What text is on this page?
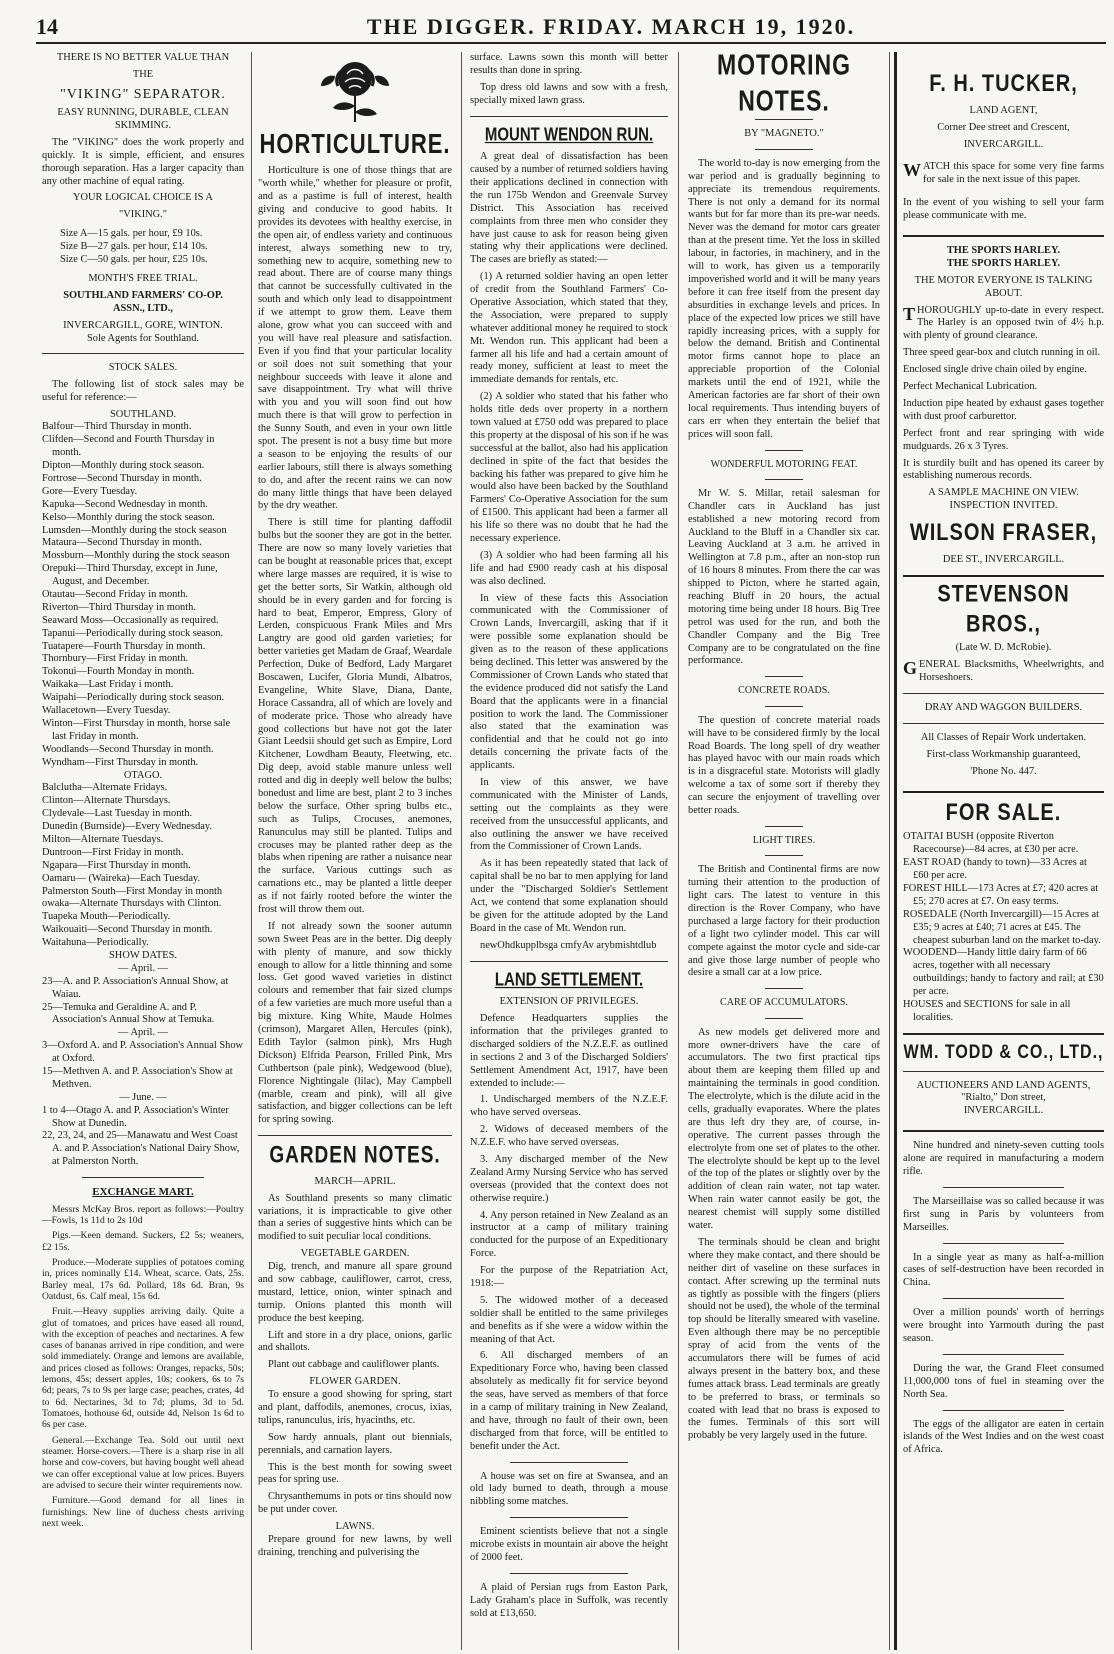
14	THE DIGGER. FRIDAY. MARCH 19, 1920.

THERE IS NO BETTER VALUE THAN

THE

"VIKING" SEPARATOR.

EASY RUNNING, DURABLE, CLEAN SKIMMING.

The "VIKING" does the work properly and quickly. It is simple, efficient, and ensures thorough separation. Has a larger capacity than any other machine of equal rating.

YOUR LOGICAL CHOICE IS A

"VIKING."

Size A—15 gals. per hour, £9 10s.

Size B—27 gals. per hour, £14 10s.

Size C—50 gals. per hour, £25 10s.

MONTH'S FREE TRIAL.

SOUTHLAND FARMERS' CO-OP.

ASSN., LTD.,

INVERCARGILL, GORE, WINTON.

Sole Agents for Southland.

STOCK SALES.

The following list of stock sales may be useful for reference:—

SOUTHLAND.

Balfour—Third Thursday in month.

Clifden—Second and Fourth Thursday in month.

Dipton—Monthly during stock season.

Fortrose—Second Thursday in month.

Gore—Every Tuesday.

Kapuka—Second Wednesday in month.

Kelso—Monthly during the stock season.

Lumsden—Monthly during the stock season

Mataura—Second Thursday in month.

Mossburn—Monthly during the stock season

Orepuki—Third Thursday, except in June, August, and December.

Otautau—Second Friday in month.

Riverton—Third Thursday in month.

Seaward Moss—Occasionally as required.

Tapanui—Periodically during stock season.

Tuatapere—Fourth Thursday in month.

Thornbury—First Friday in month.

Tokonui—Fourth Monday in month.

Waikaka—Last Friday i month.

Waipahi—Periodically during stock season.

Wallacetown—Every Tuesday.

Winton—First Thursday in month, horse sale last Friday in month.

Woodlands—Second Thursday in month.

Wyndham—First Thursday in month.

OTAGO.

Balclutha—Alternate Fridays.

Clinton—Alternate Thursdays.

Clydevale—Last Tuesday in month.

Dunedin (Burnside)—Every Wednesday.

Milton—Alternate Tuesdays.

Duntroon—First Friday in month.

Ngapara—First Thursday in month.

Oamaru— (Waireka)—Each Tuesday.

Palmerston South—First Monday in month

owaka—Alternate Thursdays with Clinton.

Tuapeka Mouth—Periodically.

Waikouaiti—Second Thursday in month.

Waitahuna—Periodically.

SHOW DATES.

— April. —

23—A. and P. Association's Annual Show, at Waiau.

25—Temuka and Geraldine A. and P. Association's Annual Show at Temuka.

— April. —

3—Oxford A. and P. Association's Annual Show at Oxford.

15—Methven A. and P. Association's Show at Methven.

— June. —

1 to 4—Otago A. and P. Association's Winter Show at Dunedin.

22, 23, 24, and 25—Manawatu and West Coast A. and P. Association's National Dairy Show, at Palmerston North.

EXCHANGE MART.

Messrs McKay Bros. report as follows:—Poultry—Fowls, 1s 11d to 2s 10d

Pigs.—Keen demand. Suckers, £2 5s; weaners, £2 15s.

Produce.—Moderate supplies of potatoes coming in, prices nominally £14. Wheat, scarce. Oats, 25s. Barley meal, 17s 6d. Pollard, 18s 6d. Bran, 9s Oatdust, 6s. Calf meal, 15s 6d.

Fruit.—Heavy supplies arriving daily. Quite a glut of tomatoes, and prices have eased all round, with the exception of peaches and nectarines. A few cases of bananas arrived in ripe condition, and were sold immediately. Orange and lemons are available, and prices closed as follows: Oranges, repacks, 50s; lemons, 45s; dessert apples, 10s; cookers, 6s to 7s 6d; pears, 7s to 9s per large case; peaches, crates, 4d to 6d. Nectarines, 3d to 7d; plums, 3d to 5d. Tomatoes, hothouse 6d, outside 4d, Nelson 1s 6d to 6s per case.

General.—Exchange Tea. Sold out until next steamer. Horse-covers.—There is a sharp rise in all horse and cow-covers, but having bought well ahead we can offer exceptional value at low prices. Buyers are advised to secure their winter requirements now.

Furniture.—Good demand for all lines in furnishings. New line of duchess chests arriving next week.

HORTICULTURE.

Horticulture is one of those things that are "worth while," whether for pleasure or profit, and as a pastime is full of interest, health giving and conducive to good habits. It provides its devotees with healthy exercise, in the open air, of endless variety and continuous interest, always something new to try, something new to acquire, something new to read about. There are of course many things that cannot be successfully cultivated in the south and which only lead to disappointment if we attempt to grow them. Leave them alone, grow what you can succeed with and you will have real pleasure and satisfaction. Even if you find that your particular locality or soil does not suit something that your neighbour succeeds with leave it alone and save disappointment. Try what will thrive with you and you will soon find out how much there is that will grow to perfection in the Sunny South, and even in your own little spot. The present is not a busy time but more a season to be enjoying the results of our earlier labours, still there is always something to do, and after the recent rains we can now do many little things that have been delayed by the dry weather.

There is still time for planting daffodil bulbs but the sooner they are got in the better. There are now so many lovely varieties that can be bought at reasonable prices that, except where large masses are required, it is wise to get the better sorts, Sir Watkin, although old should be in every garden and for forcing is hard to beat, Emperor, Empress, Glory of Lerden, conspicuous Frank Miles and Mrs Langtry are good old garden varieties; for better varieties get Madam de Graaf, Weardale Perfection, Duke of Bedford, Lady Margaret Boscawen, Lucifer, Gloria Mundi, Albatros, Evangeline, White Slave, Diana, Dante, Horace Cassandra, all of which are lovely and of moderate price. Those who already have good collections but have not got the later Giant Leedsii should get such as Empire, Lord Kitchener, Lowdham Beauty, Fleetwing, etc. Dig deep, avoid stable manure unless well rotted and dig in deeply well below the bulbs; bonedust and lime are best, plant 2 to 3 inches below the surface. Other spring bulbs etc., such as Tulips, Crocuses, anemones, Ranunculus may still be planted. Tulips and crocuses may be planted rather deep as the blabs when ripening are rather a nuisance near the surface. Various cuttings such as carnations etc., may be planted a little deeper as if not fairly rooted before the winter the frost will throw them out.

If not already sown the sooner autumn sown Sweet Peas are in the better. Dig deeply with plenty of manure, and sow thickly enough to allow for a little thinning and some loss. Get good waved varieties in distinct colours and remember that fair sized clumps of a few varieties are much more useful than a big mixture. King White, Maude Holmes (crimson), Margaret Allen, Hercules (pink), Edith Taylor (salmon pink), Mrs Hugh Dickson) Elfrida Pearson, Frilled Pink, Mrs Cuthbertson (pale pink), Wedgewood (blue), Florence Nightingale (lilac), May Campbell (marble, cream and pink), will all give satisfaction, and bigger collections can be left for spring sowing.

GARDEN NOTES.

MARCH—APRIL.

As Southland presents so many climatic variations, it is impracticable to give other than a series of suggestive hints which can be modified to suit peculiar local conditions.

VEGETABLE GARDEN.

Dig, trench, and manure all spare ground and sow cabbage, cauliflower, carrot, cress, mustard, lettice, onion, winter spinach and turnip. Onions planted this month will produce the best keeping.

Lift and store in a dry place, onions, garlic and shallots.

Plant out cabbage and cauliflower plants.

FLOWER GARDEN.

To ensure a good showing for spring, start and plant, daffodils, anemones, crocus, ixias, tulips, ranunculus, iris, hyacinths, etc.

Sow hardy annuals, plant out biennials, perennials, and carnation layers.

This is the best month for sowing sweet peas for spring use.

Chrysanthemums in pots or tins should now be put under cover.

LAWNS.

Prepare ground for new lawns, by well draining, trenching and pulverising the

surface. Lawns sown this month will better results than done in spring.

Top dress old lawns and sow with a fresh, specially mixed lawn grass.

MOUNT WENDON RUN.

A great deal of dissatisfaction has been caused by a number of returned soldiers having their applications declined in connection with the run 175b Wendon and Greenvale Survey District. This Association has received complaints from three men who consider they have just cause to ask for reason being given stating why their applications were declined. The cases are briefly as stated:—

(1) A returned soldier having an open letter of credit from the Southland Farmers' Co-Operative Association, which stated that they, the Association, were prepared to supply whatever additional money he required to stock Mt. Wendon run. This applicant had been a farmer all his life and had a certain amount of ready money, sufficient at least to meet the immediate demands for rentals, etc.

(2) A soldier who stated that his father who holds title deds over property in a northern town valued at £750 odd was prepared to place this property at the disposal of his son if he was successful at the ballot, also had his application declined in spite of the fact that besides the backing his father was prepared to give him he would also have been backed by the Southland Farmers' Co-Operative Association for the sum of £1500. This applicant had been a farmer all his life so there was no doubt that he had the necessary experience.

(3) A soldier who had been farming all his life and had £900 ready cash at his disposal was also declined.

In view of these facts this Association communicated with the Commissioner of Crown Lands, Invercargill, asking that if it were possible some explanation should be given as to the reason of these applications being declined. This letter was answered by the Commissioner of Crown Lands who stated that the evidence produced did not satisfy the Land Board that the applicants were in a financial position to work the land. The Commissioner also stated that the examination was confidential and that he could not go into details concerning the private facts of the applicants.

In view of this answer, we have communicated with the Minister of Lands, setting out the complaints as they were received from the unsuccessful applicants, and also outlining the answer we have received from the Commissioner of Crown Lands.

As it has been repeatedly stated that lack of capital shall be no bar to men applying for land under the "Discharged Soldier's Settlement Act, we contend that some explanation should be given for the attitude adopted by the Land Board in the case of Mt. Wendon run.

newOhdkupplbsga cmfyAv arybmishtdlub

LAND SETTLEMENT.

EXTENSION OF PRIVILEGES.

Defence Headquarters supplies the information that the privileges granted to discharged soldiers of the N.Z.E.F. as outlined in sections 2 and 3 of the Discharged Soldiers' Settlement Amendment Act, 1917, have been extended to include:—

1. Undischarged members of the N.Z.E.F. who have served overseas.

2. Widows of deceased members of the N.Z.E.F. who have served overseas.

3. Any discharged member of the New Zealand Army Nursing Service who has served overseas (provided that the context does not otherwise require.)

4. Any person retained in New Zealand as an instructor at a camp of military training conducted for the purpose of an Expeditionary Force.

For the purpose of the Repatriation Act, 1918:—

5. The widowed mother of a deceased soldier shall be entitled to the same privileges and benefits as if she were a widow within the meaning of that Act.

6. All discharged members of an Expeditionary Force who, having been classed absolutely as medically fit for service beyond the seas, have served as members of that force in a camp of military training in New Zealand, and have, through no fault of their own, been discharged from that force, will be entitled to benefit under the Act.

A house was set on fire at Swansea, and an old lady burned to death, through a mouse nibbling some matches.

Eminent scientists believe that not a single microbe exists in mountain air above the height of 2000 feet.

A plaid of Persian rugs from Easton Park, Lady Graham's place in Suffolk, was recently sold at £13,650.

MOTORING NOTES.

BY "MAGNETO."

The world to-day is now emerging from the war period and is gradually beginning to appreciate its tremendous requirements. There is not only a demand for its normal wants but for far more than its pre-war needs. Never was the demand for motor cars greater than at the present time. Yet the loss in skilled labour, in factories, in machinery, and in the will to work, has given us a temporarily impoverished world and it will be many years before it can free itself from the present day absurdities in exchange levels and prices. In place of the expected low prices we still have rapidly increasing prices, with a supply for below the demand. British and Continental motor firms cannot hope to place an appreciable proportion of the Colonial markets until the end of 1921, while the American factories are far short of their own local requirements. Thus intending buyers of cars err when they entertain the belief that prices will soon fall.

WONDERFUL MOTORING FEAT.

Mr W. S. Millar, retail salesman for Chandler cars in Auckland has just established a new motoring record from Auckland to the Bluff in a Chandler six car. Leaving Auckland at 3 a.m. he arrived in Wellington at 7.8 p.m., after an non-stop run of 16 hours 8 minutes. From there the car was shipped to Picton, where he started again, reaching Bluff in 20 hours, the actual motoring time being under 18 hours. Big Tree petrol was used for the run, and both the Chandler Company and the Big Tree Company are to be congratulated on the fine performance.

CONCRETE ROADS.

The question of concrete material roads will have to be considered firmly by the local Road Boards. The long spell of dry weather has played havoc with our main roads which is in a disgraceful state. Motorists will gladly welcome a tax of some sort if thereby they can secure the enjoyment of travelling over better roads.

LIGHT TIRES.

The British and Continental firms are now turning their attention to the production of light cars. The latest to venture in this direction is the Rover Company, who have purchased a large factory for their production of a light two cylinder model. This car will compete against the motor cycle and side-car and give those large number of people who desire a small car at a low price.

CARE OF ACCUMULATORS.

As new models get delivered more and more owner-drivers have the care of accumulators. The two first practical tips about them are keeping them filled up and maintaining the terminals in good condition. The electrolyte, which is the dilute acid in the cells, gradually evaporates. Where the plates are thus left dry they are, of course, in-operative. The current passes through the electrolyte from one set of plates to the other. The electrolyte should be kept up to the level of the top of the plates or slightly over by the addition of clean rain water, not tap water. When rain water cannot easily be got, the nearest chemist will supply some distilled water.

The terminals should be clean and bright where they make contact, and there should be neither dirt of vaseline on these surfaces in contact. After screwing up the terminal nuts as tightly as possible with the fingers (pliers should not be used), the whole of the terminal top should be literally smeared with vaseline. Even although there may be no perceptible spray of acid from the vents of the accumulators there will be fumes of acid always present in the battery box, and these fumes attack brass. Lead terminals are greatly to be preferred to brass, or terminals so coated with lead that no brass is exposed to the fumes. Terminals of this sort will probably be very largely used in the future.

F. H. TUCKER,

LAND AGENT,

Corner Dee street and Crescent,

INVERCARGILL.

WATCH this space for some very fine farms for sale in the next issue of this paper.

In the event of you wishing to sell your farm please communicate with me.

THE SPORTS HARLEY.

THE SPORTS HARLEY.

THE MOTOR EVERYONE IS TALKING ABOUT.

THOROUGHLY up-to-date in every respect. The Harley is an opposed twin of 4½ h.p. with plenty of ground clearance.

Three speed gear-box and clutch running in oil.

Enclosed single drive chain oiled by engine.

Perfect Mechanical Lubrication.

Induction pipe heated by exhaust gases together with dust proof carburettor.

Perfect front and rear springing with wide mudguards. 26 x 3 Tyres.

It is sturdily built and has opened its career by establishing numerous records.

A SAMPLE MACHINE ON VIEW. INSPECTION INVITED.

WILSON FRASER,

DEE ST., INVERCARGILL.

STEVENSON BROS.,

(Late W. D. McRobie).

GENERAL Blacksmiths, Wheelwrights, and Horseshoers.

DRAY AND WAGGON BUILDERS.

All Classes of Repair Work undertaken.

First-class Workmanship guaranteed,

'Phone No. 447.

FOR SALE.

OTAITAI BUSH (opposite Riverton Racecourse)—84 acres, at £30 per acre.

EAST ROAD (handy to town)—33 Acres at £60 per acre.

FOREST HILL—173 Acres at £7; 420 acres at £5; 270 acres at £7. On easy terms.

ROSEDALE (North Invercargill)—15 Acres at £35; 9 acres at £40; 71 acres at £45. The cheapest suburban land on the market to-day.

WOODEND—Handy little dairy farm of 66 acres, together with all necessary outbuildings; handy to factory and rail; at £30 per acre.

HOUSES and SECTIONS for sale in all localities.

WM. TODD & CO., LTD.,

AUCTIONEERS AND LAND AGENTS,

"Rialto," Don street,

INVERCARGILL.

Nine hundred and ninety-seven cutting tools alone are required in manufacturing a modern rifle.

The Marseillaise was so called because it was first sung in Paris by volunteers from Marseilles.

In a single year as many as half-a-million cases of self-destruction have been recorded in China.

Over a million pounds' worth of herrings were brought into Yarmouth during the past season.

During the war, the Grand Fleet consumed 11,000,000 tons of fuel in steaming over the North Sea.

The eggs of the alligator are eaten in certain islands of the West Indies and on the west coast of Africa.
